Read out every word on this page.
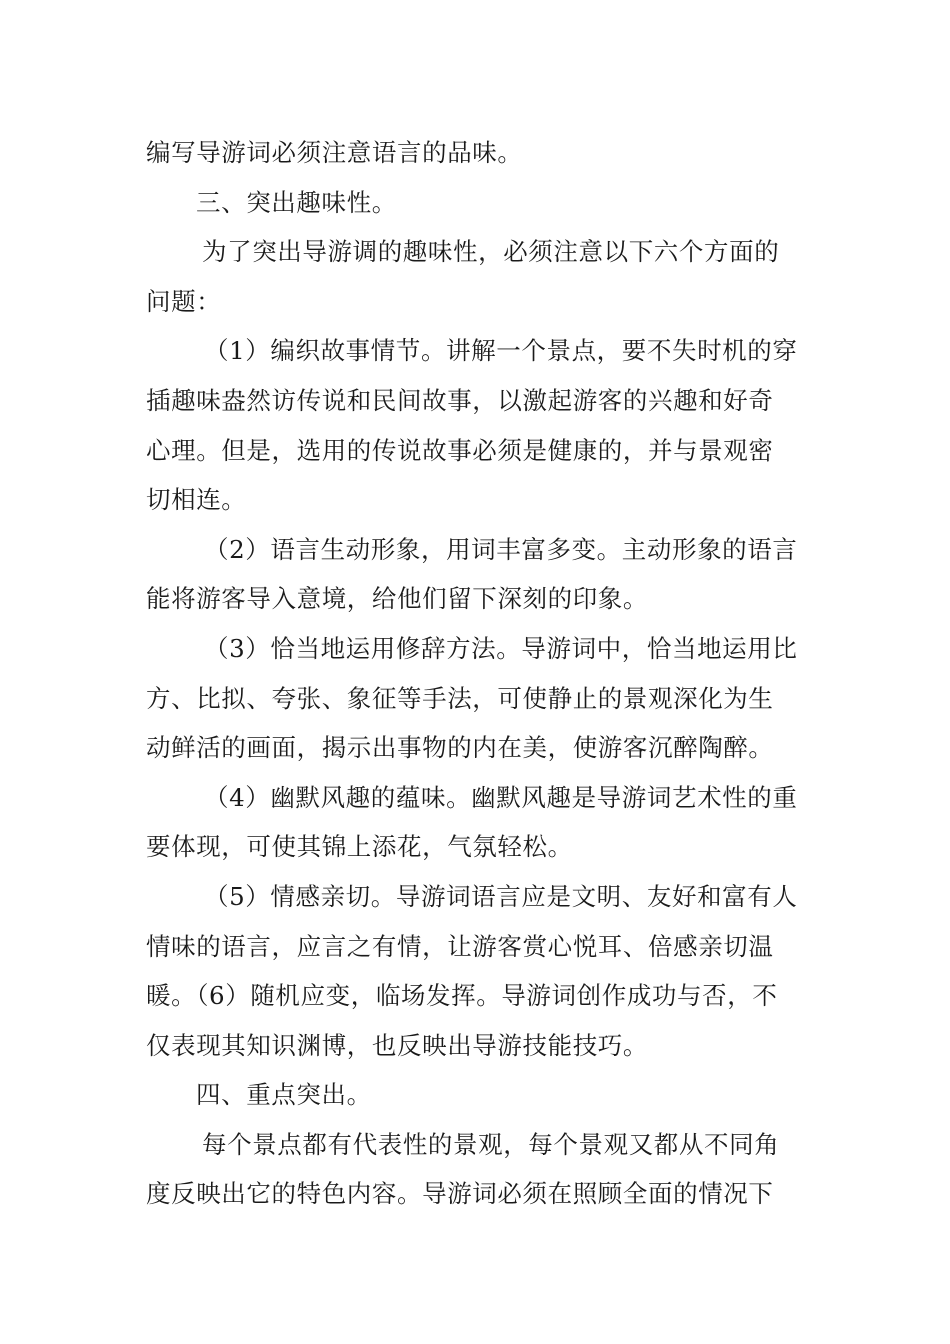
编写导游词必须注意语言的品味。
三、突出趣味性。
为了突出导游调的趣味性，必须注意以下六个方面的
问题：
（1）编织故事情节。讲解一个景点，要不失时机的穿
插趣味盎然访传说和民间故事，以激起游客的兴趣和好奇
心理。但是，选用的传说故事必须是健康的，并与景观密
切相连。
（2）语言生动形象，用词丰富多变。主动形象的语言
能将游客导入意境，给他们留下深刻的印象。
（3）恰当地运用修辞方法。导游词中，恰当地运用比
方、比拟、夸张、象征等手法，可使静止的景观深化为生
动鲜活的画面，揭示出事物的内在美，使游客沉醉陶醉。
（4）幽默风趣的蕴味。幽默风趣是导游词艺术性的重
要体现，可使其锦上添花，气氛轻松。
（5）情感亲切。导游词语言应是文明、友好和富有人
情味的语言，应言之有情，让游客赏心悦耳、倍感亲切温
暖。（6）随机应变，临场发挥。导游词创作成功与否，不
仅表现其知识渊博，也反映出导游技能技巧。
四、重点突出。
每个景点都有代表性的景观，每个景观又都从不同角
度反映出它的特色内容。导游词必须在照顾全面的情况下
